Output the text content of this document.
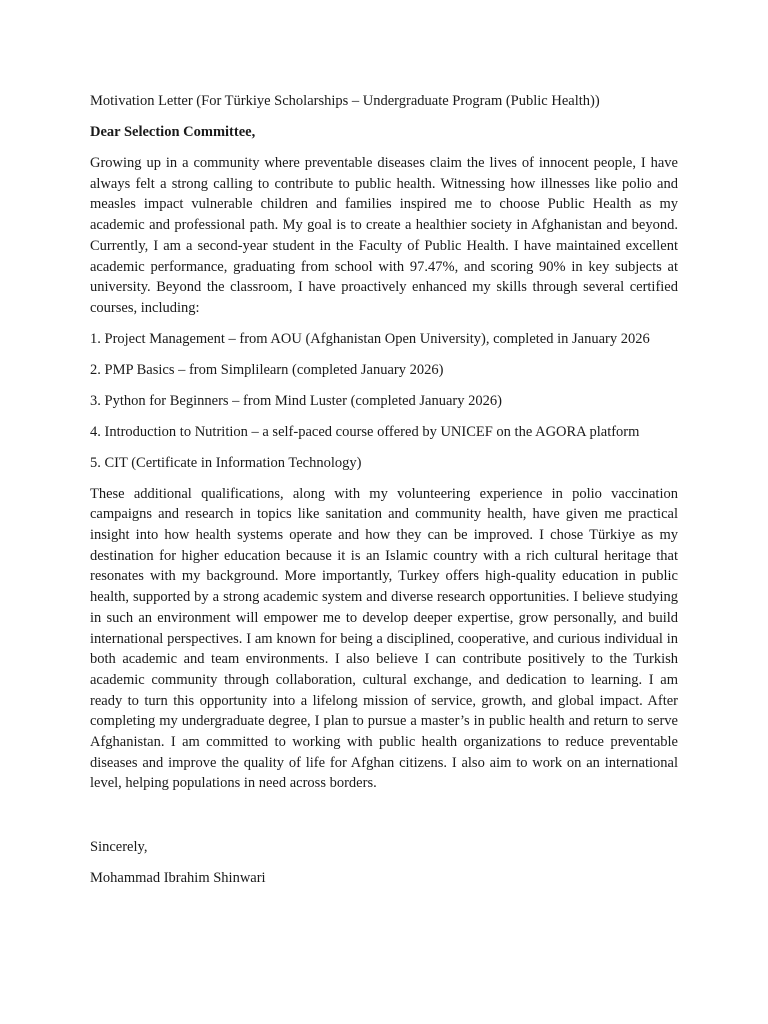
Motivation Letter (For Türkiye Scholarships – Undergraduate Program (Public Health))

Dear Selection Committee,

Growing up in a community where preventable diseases claim the lives of innocent people, I have always felt a strong calling to contribute to public health. Witnessing how illnesses like polio and measles impact vulnerable children and families inspired me to choose Public Health as my academic and professional path. My goal is to create a healthier society in Afghanistan and beyond. Currently, I am a second-year student in the Faculty of Public Health. I have maintained excellent academic performance, graduating from school with 97.47%, and scoring 90% in key subjects at university. Beyond the classroom, I have proactively enhanced my skills through several certified courses, including:

1. Project Management – from AOU (Afghanistan Open University), completed in January 2026

2. PMP Basics – from Simplilearn (completed January 2026)

3. Python for Beginners – from Mind Luster (completed January 2026)

4. Introduction to Nutrition – a self-paced course offered by UNICEF on the AGORA platform

5. CIT (Certificate in Information Technology)

These additional qualifications, along with my volunteering experience in polio vaccination campaigns and research in topics like sanitation and community health, have given me practical insight into how health systems operate and how they can be improved. I chose Türkiye as my destination for higher education because it is an Islamic country with a rich cultural heritage that resonates with my background. More importantly, Turkey offers high-quality education in public health, supported by a strong academic system and diverse research opportunities. I believe studying in such an environment will empower me to develop deeper expertise, grow personally, and build international perspectives. I am known for being a disciplined, cooperative, and curious individual in both academic and team environments. I also believe I can contribute positively to the Turkish academic community through collaboration, cultural exchange, and dedication to learning. I am ready to turn this opportunity into a lifelong mission of service, growth, and global impact. After completing my undergraduate degree, I plan to pursue a master’s in public health and return to serve Afghanistan. I am committed to working with public health organizations to reduce preventable diseases and improve the quality of life for Afghan citizens. I also aim to work on an international level, helping populations in need across borders.

Sincerely,

Mohammad Ibrahim Shinwari
